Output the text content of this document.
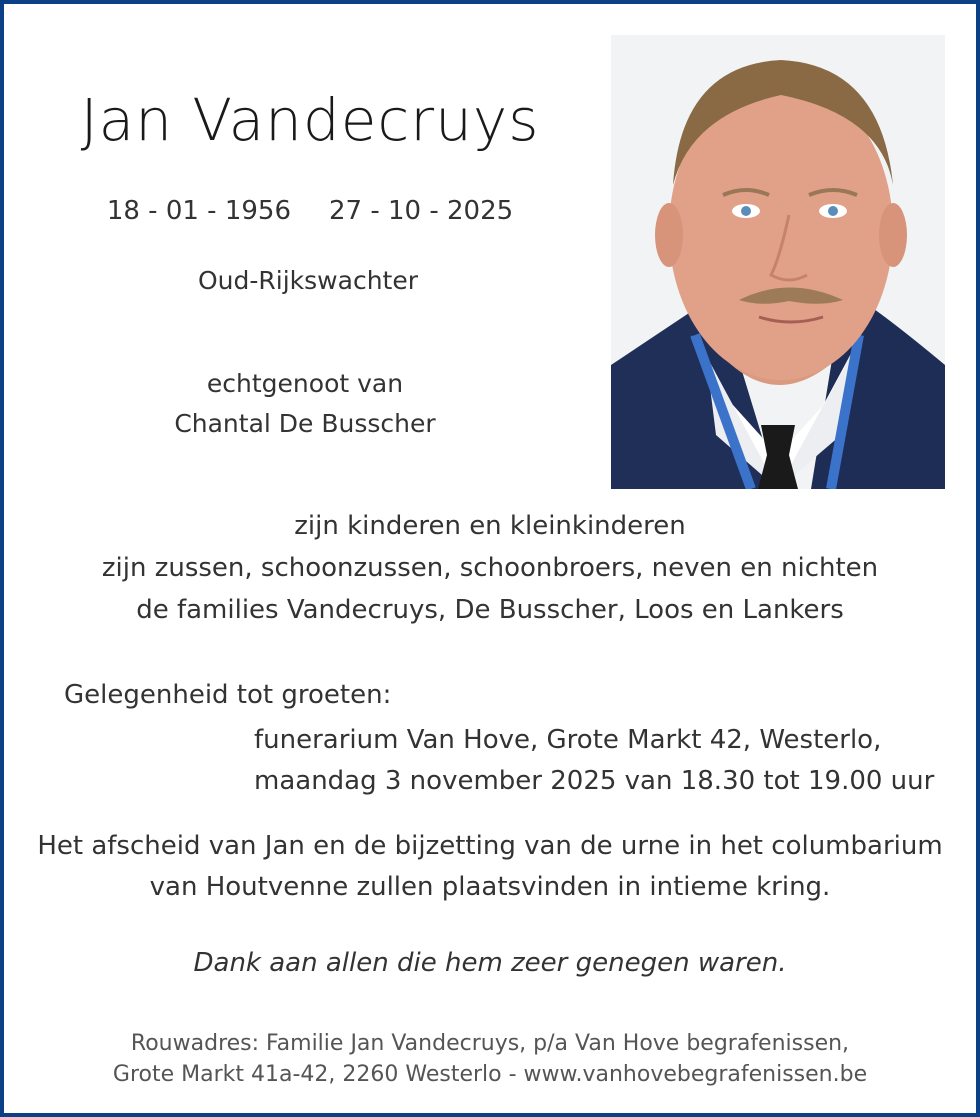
Jan Vandecruys
18 - 01 - 1956 27 - 10 - 2025
Oud-Rijkswachter
echtgenoot van
Chantal De Busscher
zijn kinderen en kleinkinderen
zijn zussen, schoonzussen, schoonbroers, neven en nichten
de families Vandecruys, De Busscher, Loos en Lankers
Gelegenheid tot groeten:
funerarium Van Hove, Grote Markt 42, Westerlo,
maandag 3 november 2025 van 18.30 tot 19.00 uur
Het afscheid van Jan en de bijzetting van de urne in het columbarium
van Houtvenne zullen plaatsvinden in intieme kring.
Dank aan allen die hem zeer genegen waren.
Rouwadres: Familie Jan Vandecruys, p/a Van Hove begrafenissen,
Grote Markt 41a-42, 2260 Westerlo - www.vanhovebegrafenissen.be
